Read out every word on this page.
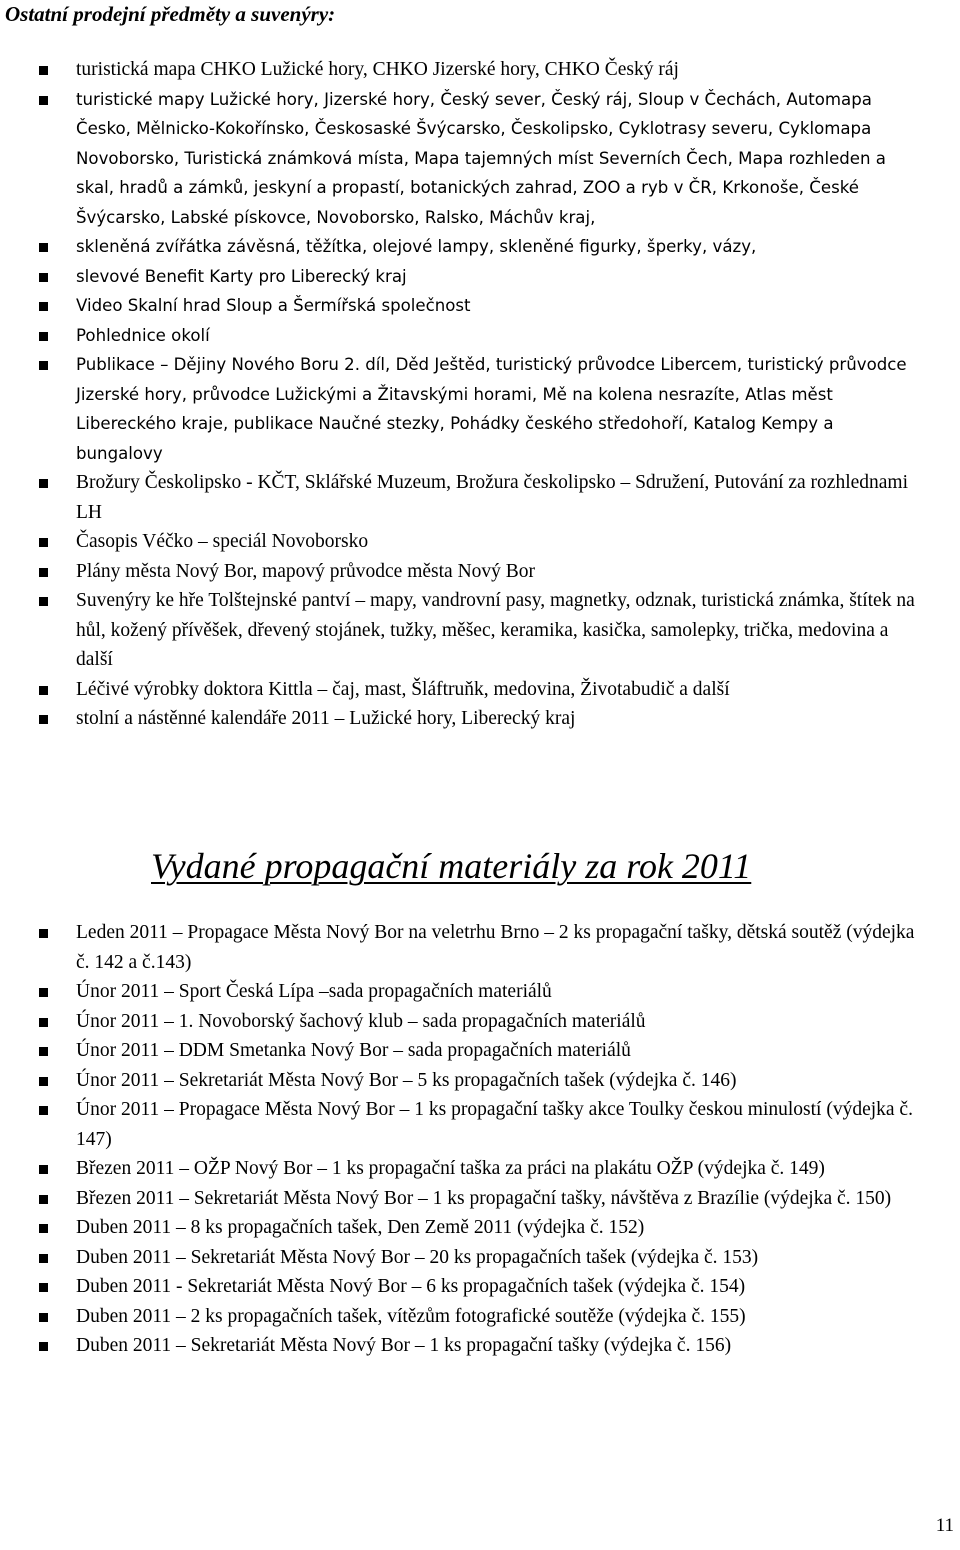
Ostatní prodejní předměty a suvenýry:
turistická mapa CHKO Lužické hory, CHKO Jizerské hory, CHKO Český ráj
turistické mapy Lužické hory, Jizerské hory, Český sever, Český ráj, Sloup v Čechách, Automapa Česko, Mělnicko-Kokořínsko, Českosaské Švýcarsko, Českolipsko, Cyklotrasy severu, Cyklomapa Novoborsko, Turistická známková místa, Mapa tajemných míst Severních Čech, Mapa rozhleden a skal, hradů a zámků, jeskyní a propastí, botanických zahrad, ZOO a ryb v ČR, Krkonoše, České Švýcarsko, Labské pískovce, Novoborsko, Ralsko, Máchův kraj,
skleněná zvířátka závěsná, těžítka, olejové lampy, skleněné figurky, šperky, vázy,
slevové Benefit Karty pro Liberecký kraj
Video Skalní hrad Sloup a Šermířská společnost
Pohlednice okolí
Publikace – Dějiny Nového Boru 2. díl, Děd Ještěd, turistický průvodce Libercem, turistický průvodce Jizerské hory, průvodce Lužickými a Žitavskými horami, Mě na kolena nesrazíte, Atlas měst Libereckého kraje, publikace Naučné stezky, Pohádky českého středohoří, Katalog Kempy a bungalovy
Brožury Českolipsko - KČT, Sklářské Muzeum, Brožura českolipsko – Sdružení, Putování za rozhlednami LH
Časopis Véčko – speciál Novoborsko
Plány města Nový Bor, mapový průvodce města Nový Bor
Suvenýry ke hře Tolštejnské pantví – mapy, vandrovní pasy, magnetky, odznak, turistická známka, štítek na hůl, kožený přívěšek, dřevený stojánek, tužky, měšec, keramika, kasička, samolepky, trička, medovina a další
Léčivé výrobky doktora Kittla – čaj, mast, Šláftruňk, medovina, Životabudič a další
stolní a nástěnné kalendáře 2011 – Lužické hory, Liberecký kraj
Vydané propagační materiály za rok 2011
Leden 2011 – Propagace Města Nový Bor na veletrhu Brno – 2 ks propagační tašky, dětská soutěž (výdejka č. 142 a č.143)
Únor 2011 – Sport Česká Lípa –sada propagačních materiálů
Únor 2011 – 1. Novoborský šachový klub – sada propagačních materiálů
Únor 2011 – DDM Smetanka Nový Bor – sada propagačních materiálů
Únor 2011 – Sekretariát Města Nový Bor – 5 ks propagačních tašek (výdejka č. 146)
Únor 2011 – Propagace Města Nový Bor – 1 ks propagační tašky akce Toulky českou minulostí (výdejka č. 147)
Březen 2011 – OŽP Nový Bor – 1 ks propagační taška za práci na plakátu OŽP (výdejka č. 149)
Březen 2011 – Sekretariát Města Nový Bor – 1 ks propagační tašky, návštěva z Brazílie (výdejka č. 150)
Duben 2011 – 8 ks propagačních tašek, Den Země 2011 (výdejka č. 152)
Duben 2011 – Sekretariát Města Nový Bor – 20 ks propagačních tašek (výdejka č. 153)
Duben 2011 - Sekretariát Města Nový Bor – 6 ks propagačních tašek (výdejka č. 154)
Duben 2011 – 2 ks propagačních tašek, vítězům fotografické soutěže (výdejka č. 155)
Duben 2011 – Sekretariát Města Nový Bor – 1 ks propagační tašky (výdejka č. 156)
11
